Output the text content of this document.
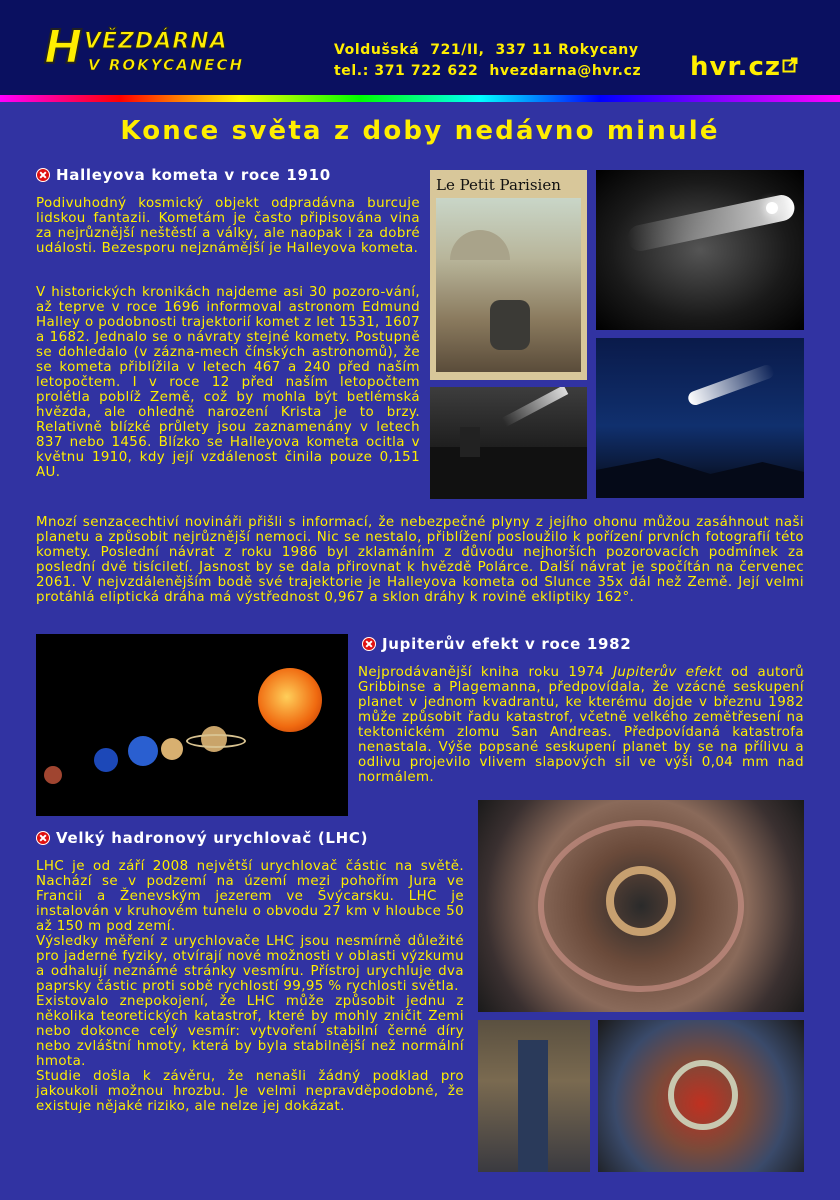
H VĚZDÁRNA
V ROKYCANECH
Voldušská  721/II,  337 11 Rokycany
tel.: 371 722 622  hvezdarna@hvr.cz hvr.cz
Konce světa z doby nedávno minulé
Halleyova kometa v roce 1910

Podivuhodný kosmický objekt odpradávna burcuje lidskou fantazii. Kometám je často připisována vina za nejrůznější neštěstí a války, ale naopak i za dobré události. Bezesporu nejznámější je Halleyova kometa.

V historických kronikách najdeme asi 30 pozoro-vání, až teprve v roce 1696 informoval astronom Edmund Halley o podobnosti trajektorií komet z let 1531, 1607 a 1682. Jednalo se o návraty stejné komety. Postupně se dohledalo (v zázna-mech čínských astronomů), že se kometa přiblížila v letech 467 a 240 před naším letopočtem. I v roce 12 před naším letopočtem prolétla poblíž Země, což by mohla být betlémská hvězda, ale ohledně narození Krista je to brzy. Relativně blízké průlety jsou zaznamenány v letech 837 nebo 1456. Blízko se Halleyova kometa ocitla v květnu 1910, kdy její vzdálenost činila pouze 0,151 AU.

Mnozí senzacechtiví novináři přišli s informací, že nebezpečné plyny z jejího ohonu můžou zasáhnout naši planetu a způsobit nejrůznější nemoci. Nic se nestalo, přiblížení posloužilo k pořízení prvních fotografií této komety. Poslední návrat z roku 1986 byl zklamáním z důvodu nejhorších pozorovacích podmínek za poslední dvě tisíciletí. Jasnost by se dala přirovnat k hvězdě Polárce. Další návrat je spočítán na červenec 2061. V nejvzdálenějším bodě své trajektorie je Halleyova kometa od Slunce 35x dál než Země. Její velmi protáhlá eliptická dráha má výstřednost 0,967 a sklon dráhy k rovině ekliptiky 162°.

Le Petit Parisien
Jupiterův efekt v roce 1982

Nejprodávanější kniha roku 1974 Jupiterův efekt od autorů Gribbinse a Plagemanna, předpovídala, že vzácné seskupení planet v jednom kvadrantu, ke kterému dojde v březnu 1982 může způsobit řadu katastrof, včetně velkého zemětřesení na tektonickém zlomu San Andreas. Předpovídaná katastrofa nenastala. Výše popsané seskupení planet by se na přílivu a odlivu projevilo vlivem slapových sil ve výši 0,04 mm nad normálem.

Velký hadronový urychlovač (LHC)

LHC je od září 2008 největší urychlovač částic na světě. Nachází se v podzemí na území mezi pohořím Jura ve Francii a Ženevským jezerem ve Švýcarsku. LHC je instalován v kruhovém tunelu o obvodu 27 km v hloubce 50 až 150 m pod zemí.

Výsledky měření z urychlovače LHC jsou nesmírně důležité pro jaderné fyziky, otvírají nové možnosti v oblasti výzkumu a odhalují neznámé stránky vesmíru. Přístroj urychluje dva paprsky částic proti sobě rychlostí 99,95 % rychlosti světla.

Existovalo znepokojení, že LHC může způsobit jednu z několika teoretických katastrof, které by mohly zničit Zemi nebo dokonce celý vesmír: vytvoření stabilní černé díry nebo zvláštní hmoty, která by byla stabilnější než normální hmota.

Studie došla k závěru, že nenašli žádný podklad pro jakoukoli možnou hrozbu. Je velmi nepravděpodobné, že existuje nějaké riziko, ale nelze jej dokázat.
